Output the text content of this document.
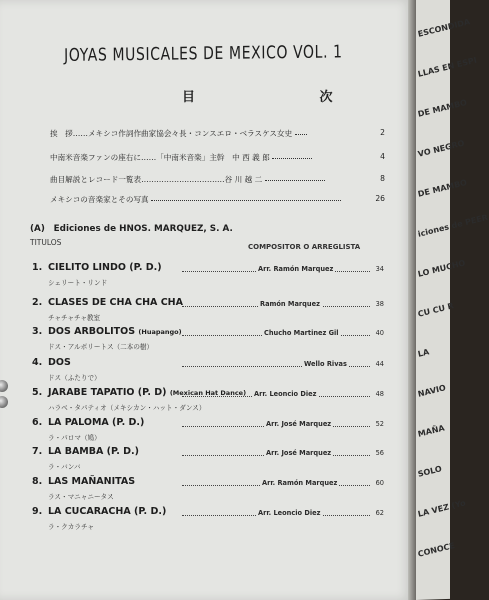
JOYAS MUSICALES DE MEXICO VOL. 1
目 次
挨　拶……メキシコ作詞作曲家協会々長・コンスエロ・ベラスケス女史	2
中南米音楽ファンの座右に……「中南米音楽」主幹　中 西 義 郎	4
曲目解説とレコード一覧表……………………………谷 川 越 二	8
メキシコの音楽家とその写真	26
(A)　Ediciones de HNOS. MARQUEZ, S. A.
TITULOS	COMPOSITOR O ARREGLISTA
1. CIELITO LINDO (P. D.)
シェリート・リンド
Arr. Ramón Marquez	34
2. CLASES DE CHA CHA CHA
チャチャチャ教室
Ramón Marquez	38
3. DOS ARBOLITOS (Huapango)
ドス・アルボリートス（二本の樹）
Chucho Martinez Gil	40
4. DOS
ドス（ふたりで）
Wello Rivas	44
5. JARABE TAPATIO (P. D) (Mexican Hat Dance)
ハラベ・タパティオ（メキシカン・ハット・ダンス）
Arr. Leoncio Diez	48
6. LA PALOMA (P. D.)
ラ・パロマ（鳩）
Arr. José Marquez	52
7. LA BAMBA (P. D.)
ラ・バンバ
Arr. José Marquez	56
8. LAS MAÑANITAS
ラス・マニャニータス
Arr. Ramón Marquez	60
9. LA CUCARACHA (P. D.)
ラ・クカラチャ
Arr. Leoncio Diez	62
ESCONDIDA
LLAS EN ESPI
DE MAMBO
VO NEGRO
DE MAMBO
iciones de PEER
LO MUCHO
CU CU R
LA
NAVIO
MAÑA
SOLO
LA VEZ (Yo
CONOCE
